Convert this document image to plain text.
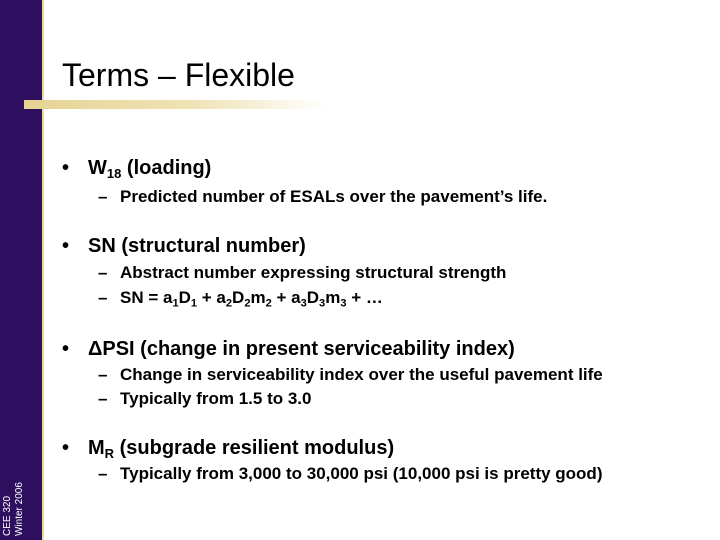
CEE 320 Winter 2006
Terms – Flexible
• $W_{18}$ (loading)
– Predicted number of ESALs over the pavement’s life.
• SN (structural number)
– Abstract number expressing structural strength
– SN = $a_1D_1 + a_2D_2m_2 + a_3D_3m_3$ + …
• ΔPSI (change in present serviceability index)
– Change in serviceability index over the useful pavement life
– Typically from 1.5 to 3.0
• $M_R$ (subgrade resilient modulus)
– Typically from 3,000 to 30,000 psi (10,000 psi is pretty good)
